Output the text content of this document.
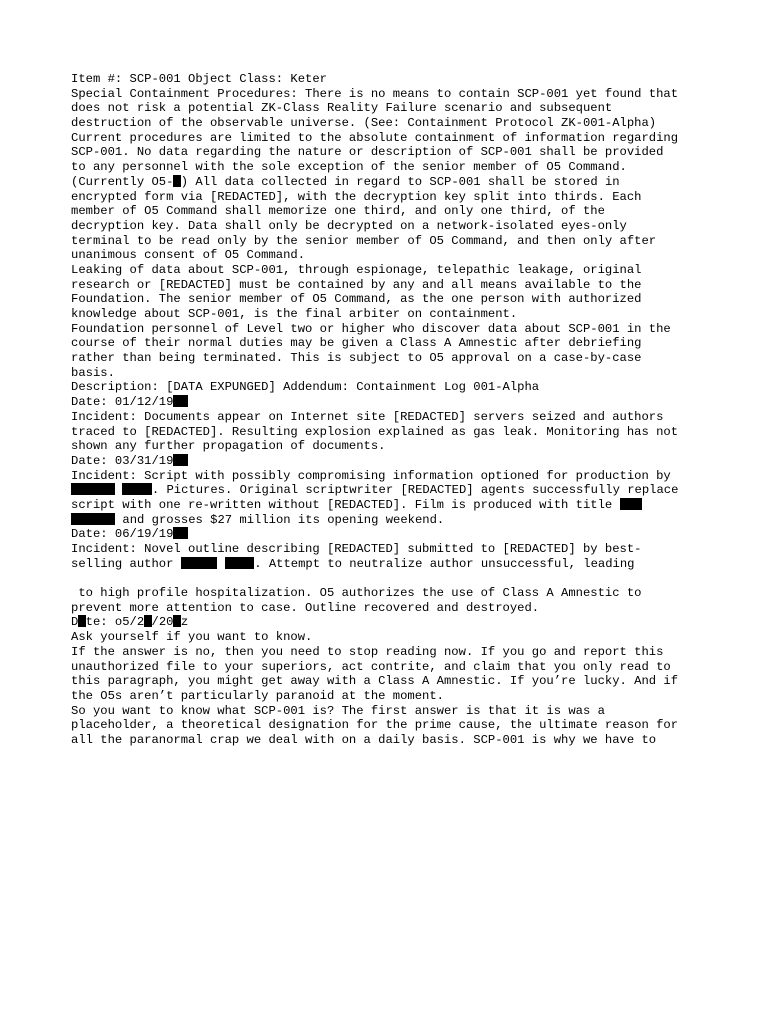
Item #: SCP-001 Object Class: Keter
Special Containment Procedures: There is no means to contain SCP-001 yet found that
does not risk a potential ZK-Class Reality Failure scenario and subsequent
destruction of the observable universe. (See: Containment Protocol ZK-001-Alpha)
Current procedures are limited to the absolute containment of information regarding
SCP-001. No data regarding the nature or description of SCP-001 shall be provided
to any personnel with the sole exception of the senior member of O5 Command.
(Currently O5- ) All data collected in regard to SCP-001 shall be stored in
encrypted form via [REDACTED], with the decryption key split into thirds. Each
member of O5 Command shall memorize one third, and only one third, of the
decryption key. Data shall only be decrypted on a network-isolated eyes-only
terminal to be read only by the senior member of O5 Command, and then only after
unanimous consent of O5 Command.
Leaking of data about SCP-001, through espionage, telepathic leakage, original
research or [REDACTED] must be contained by any and all means available to the
Foundation. The senior member of O5 Command, as the one person with authorized
knowledge about SCP-001, is the final arbiter on containment.
Foundation personnel of Level two or higher who discover data about SCP-001 in the
course of their normal duties may be given a Class A Amnestic after debriefing
rather than being terminated. This is subject to O5 approval on a case-by-case
basis.
Description: [DATA EXPUNGED] Addendum: Containment Log 001-Alpha
Date: 01/12/19
Incident: Documents appear on Internet site [REDACTED] servers seized and authors
traced to [REDACTED]. Resulting explosion explained as gas leak. Monitoring has not
shown any further propagation of documents.
Date: 03/31/19
Incident: Script with possibly compromising information optioned for production by
. Pictures. Original scriptwriter [REDACTED] agents successfully replace
script with one re-written without [REDACTED]. Film is produced with title
and grosses $27 million its opening weekend.
Date: 06/19/19
Incident: Novel outline describing [REDACTED] submitted to [REDACTED] by best-
selling author	. Attempt to neutralize author unsuccessful, leading
to high profile hospitalization. O5 authorizes the use of Class A Amnestic to
prevent more attention to case. Outline recovered and destroyed.
D te: o5/2 /20 z
Ask yourself if you want to know.
If the answer is no, then you need to stop reading now. If you go and report this
unauthorized file to your superiors, act contrite, and claim that you only read to
this paragraph, you might get away with a Class A Amnestic. If you’re lucky. And if
the O5s aren’t particularly paranoid at the moment.
So you want to know what SCP-001 is? The first answer is that it is was a
placeholder, a theoretical designation for the prime cause, the ultimate reason for
all the paranormal crap we deal with on a daily basis. SCP-001 is why we have to
